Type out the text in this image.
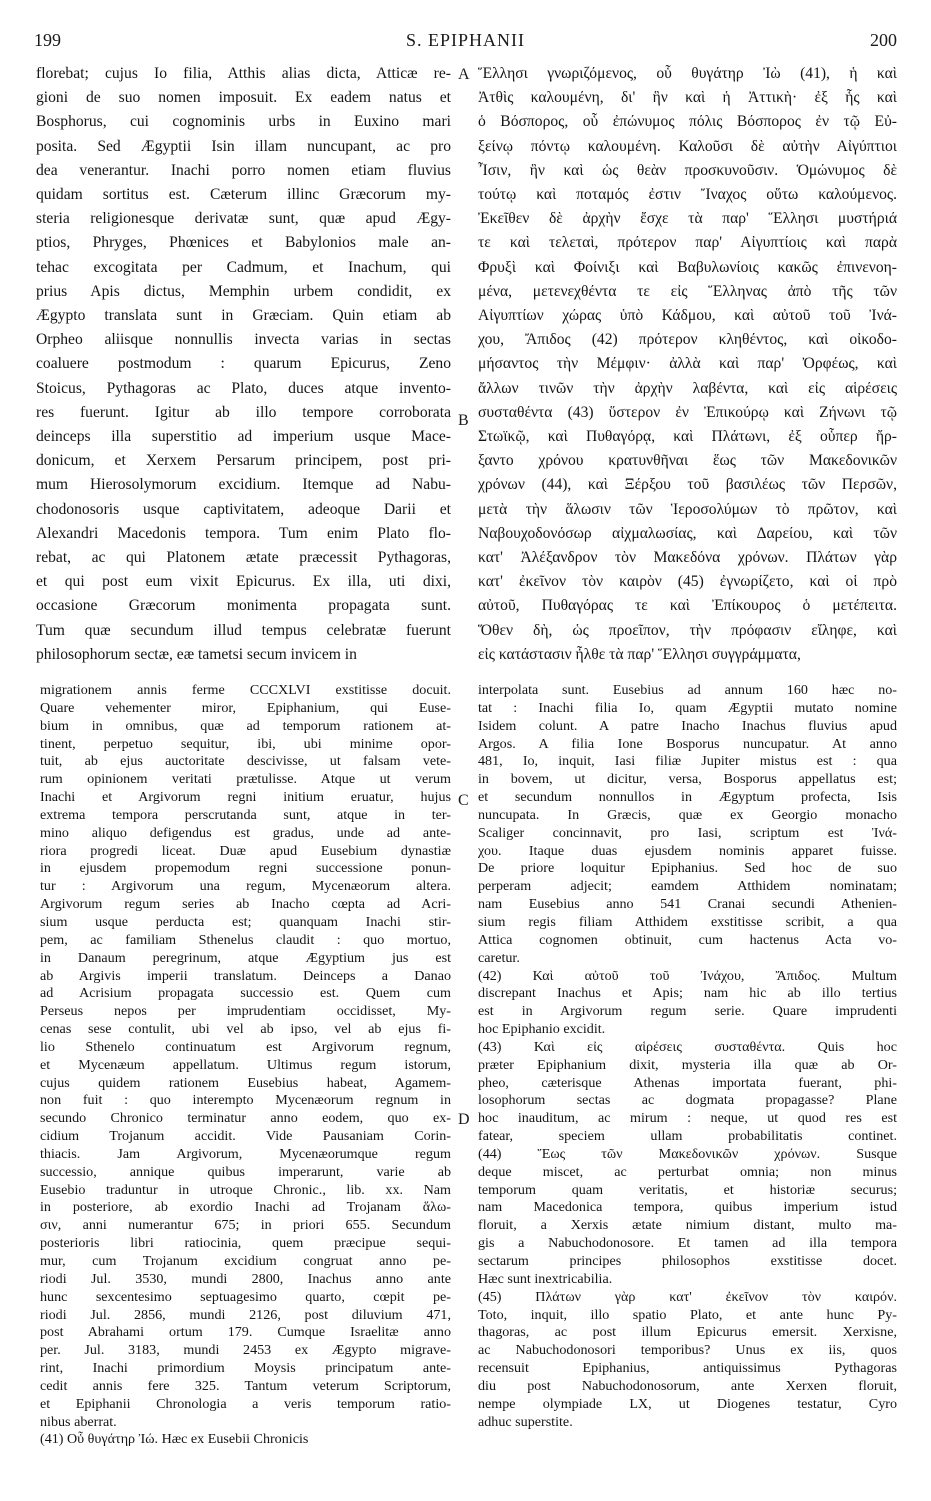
199	S. EPIPHANII	200
A
B
C
D
florebat; cujus Io filia, Atthis alias dicta, Atticæ re-
gioni de suo nomen imposuit. Ex eadem natus et
Bosphorus, cui cognominis urbs in Euxino mari
posita. Sed Ægyptii Isin illam nuncupant, ac pro
dea venerantur. Inachi porro nomen etiam fluvius
quidam sortitus est. Cæterum illinc Græcorum my-
steria religionesque derivatæ sunt, quæ apud Ægy-
ptios, Phryges, Phœnices et Babylonios male an-
tehac excogitata per Cadmum, et Inachum, qui
prius Apis dictus, Memphin urbem condidit, ex
Ægypto translata sunt in Græciam. Quin etiam ab
Orpheo aliisque nonnullis invecta varias in sectas
coaluere postmodum : quarum Epicurus, Zeno
Stoicus, Pythagoras ac Plato, duces atque invento-
res fuerunt. Igitur ab illo tempore corroborata
deinceps illa superstitio ad imperium usque Mace-
donicum, et Xerxem Persarum principem, post pri-
mum Hierosolymorum excidium. Itemque ad Nabu-
chodonosoris usque captivitatem, adeoque Darii et
Alexandri Macedonis tempora. Tum enim Plato flo-
rebat, ac qui Platonem ætate præcessit Pythagoras,
et qui post eum vixit Epicurus. Ex illa, uti dixi,
occasione Græcorum monimenta propagata sunt.
Tum quæ secundum illud tempus celebratæ fuerunt
philosophorum sectæ, eæ tametsi secum invicem in
Ἕλλησι γνωριζόμενος, οὗ θυγάτηρ Ἰὼ (41), ἡ καὶ
Ἀτθὶς καλουμένη, δι' ἣν καὶ ἡ Ἀττικὴ· ἐξ ἧς καὶ
ὁ Βόσπορος, οὗ ἐπώνυμος πόλις Βόσπορος ἐν τῷ Εὐ-
ξείνῳ πόντῳ καλουμένη. Καλοῦσι δὲ αὐτὴν Αἰγύπτιοι
Ἶσιν, ἣν καὶ ὡς θεὰν προσκυνοῦσιν. Ὁμώνυμος δὲ
τούτῳ καὶ ποταμός ἐστιν Ἴναχος οὕτω καλούμενος.
Ἐκεῖθεν δὲ ἀρχὴν ἔσχε τὰ παρ' Ἕλλησι μυστήριά
τε καὶ τελεταὶ, πρότερον παρ' Αἰγυπτίοις καὶ παρὰ
Φρυξὶ καὶ Φοίνιξι καὶ Βαβυλωνίοις κακῶς ἐπινενοη-
μένα, μετενεχθέντα τε εἰς Ἕλληνας ἀπὸ τῆς τῶν
Αἰγυπτίων χώρας ὑπὸ Κάδμου, καὶ αὐτοῦ τοῦ Ἰνά-
χου, Ἄπιδος (42) πρότερον κληθέντος, καὶ οἰκοδο-
μήσαντος τὴν Μέμφιν· ἀλλὰ καὶ παρ' Ὀρφέως, καὶ
ἄλλων τινῶν τὴν ἀρχὴν λαβέντα, καὶ εἰς αἱρέσεις
συσταθέντα (43) ὕστερον ἐν Ἐπικούρῳ καὶ Ζήνωνι τῷ
Στωϊκῷ, καὶ Πυθαγόρᾳ, καὶ Πλάτωνι, ἐξ οὗπερ ἤρ-
ξαντο χρόνου κρατυνθῆναι ἕως τῶν Μακεδονικῶν
χρόνων (44), καὶ Ξέρξου τοῦ βασιλέως τῶν Περσῶν,
μετὰ τὴν ἅλωσιν τῶν Ἱεροσολύμων τὸ πρῶτον, καὶ
Ναβουχοδονόσωρ αἰχμαλωσίας, καὶ Δαρείου, καὶ τῶν
κατ' Ἀλέξανδρον τὸν Μακεδόνα χρόνων. Πλάτων γὰρ
κατ' ἐκεῖνον τὸν καιρὸν (45) ἐγνωρίζετο, καὶ οἱ πρὸ
αὐτοῦ, Πυθαγόρας τε καὶ Ἐπίκουρος ὁ μετέπειτα.
Ὅθεν δὴ, ὡς προεῖπον, τὴν πρόφασιν εἴληφε, καὶ
εἰς κατάστασιν ἦλθε τὰ παρ' Ἕλλησι συγγράμματα,
migrationem annis ferme CCCXLVI exstitisse docuit.
Quare vehementer miror, Epiphanium, qui Euse-
bium in omnibus, quæ ad temporum rationem at-
tinent, perpetuo sequitur, ibi, ubi minime opor-
tuit, ab ejus auctoritate descivisse, ut falsam vete-
rum opinionem veritati prætulisse. Atque ut verum
Inachi et Argivorum regni initium eruatur, hujus
extrema tempora perscrutanda sunt, atque in ter-
mino aliquo defigendus est gradus, unde ad ante-
riora progredi liceat. Duæ apud Eusebium dynastiæ
in ejusdem propemodum regni successione ponun-
tur : Argivorum una regum, Mycenæorum altera.
Argivorum regum series ab Inacho cœpta ad Acri-
sium usque perducta est; quanquam Inachi stir-
pem, ac familiam Sthenelus claudit : quo mortuo,
in Danaum peregrinum, atque Ægyptium jus est
ab Argivis imperii translatum. Deinceps a Danao
ad Acrisium propagata successio est. Quem cum
Perseus nepos per imprudentiam occidisset, My-
cenas sese contulit, ubi vel ab ipso, vel ab ejus fi-
lio Sthenelo continuatum est Argivorum regnum,
et Mycenæum appellatum. Ultimus regum istorum,
cujus quidem rationem Eusebius habeat, Agamem-
non fuit : quo interempto Mycenæorum regnum in
secundo Chronico terminatur anno eodem, quo ex-
cidium Trojanum accidit. Vide Pausaniam Corin-
thiacis. Jam Argivorum, Mycenæorumque regum
successio, annique quibus imperarunt, varie ab
Eusebio traduntur in utroque Chronic., lib. xx. Nam
in posteriore, ab exordio Inachi ad Trojanam ἅλω-
σιν, anni numerantur 675; in priori 655. Secundum
posterioris libri ratiocinia, quem præcipue sequi-
mur, cum Trojanum excidium congruat anno pe-
riodi Jul. 3530, mundi 2800, Inachus anno ante
hunc sexcentesimo septuagesimo quarto, cœpit pe-
riodi Jul. 2856, mundi 2126, post diluvium 471,
post Abrahami ortum 179. Cumque Israelitæ anno
per. Jul. 3183, mundi 2453 ex Ægypto migrave-
rint, Inachi primordium Moysis principatum ante-
cedit annis fere 325. Tantum veterum Scriptorum,
et Epiphanii Chronologia a veris temporum ratio-
nibus aberrat.
(41) Οὗ θυγάτηρ Ἰώ. Hæc ex Eusebii Chronicis
interpolata sunt. Eusebius ad annum 160 hæc no-
tat : Inachi filia Io, quam Ægyptii mutato nomine
Isidem colunt. A patre Inacho Inachus fluvius apud
Argos. A filia Ione Bosporus nuncupatur. At anno
481, Io, inquit, Iasi filiæ Jupiter mistus est : qua
in bovem, ut dicitur, versa, Bosporus appellatus est;
et secundum nonnullos in Ægyptum profecta, Isis
nuncupata. In Græcis, quæ ex Georgio monacho
Scaliger concinnavit, pro Iasi, scriptum est Ἰνά-
χου. Itaque duas ejusdem nominis apparet fuisse.
De priore loquitur Epiphanius. Sed hoc de suo
perperam adjecit; eamdem Atthidem nominatam;
nam Eusebius anno 541 Cranai secundi Athenien-
sium regis filiam Atthidem exstitisse scribit, a qua
Attica cognomen obtinuit, cum hactenus Acta vo-
caretur.
(42) Καὶ αὐτοῦ τοῦ Ἰνάχου, Ἄπιδος. Multum
discrepant Inachus et Apis; nam hic ab illo tertius
est in Argivorum regum serie. Quare imprudenti
hoc Epiphanio excidit.
(43) Καὶ εἰς αἱρέσεις συσταθέντα. Quis hoc
præter Epiphanium dixit, mysteria illa quæ ab Or-
pheo, cæterisque Athenas importata fuerant, phi-
losophorum sectas ac dogmata propagasse? Plane
hoc inauditum, ac mirum : neque, ut quod res est
fatear, speciem ullam probabilitatis continet.
(44) Ἕως τῶν Μακεδονικῶν χρόνων. Susque
deque miscet, ac perturbat omnia; non minus
temporum quam veritatis, et historiæ securus;
nam Macedonica tempora, quibus imperium istud
floruit, a Xerxis ætate nimium distant, multo ma-
gis a Nabuchodonosore. Et tamen ad illa tempora
sectarum principes philosophos exstitisse docet.
Hæc sunt inextricabilia.
(45) Πλάτων γὰρ κατ' ἐκεῖνον τὸν καιρόν.
Toto, inquit, illo spatio Plato, et ante hunc Py-
thagoras, ac post illum Epicurus emersit. Xerxisne,
ac Nabuchodonosori temporibus? Unus ex iis, quos
recensuit Epiphanius, antiquissimus Pythagoras
diu post Nabuchodonosorum, ante Xerxen floruit,
nempe olympiade LX, ut Diogenes testatur, Cyro
adhuc superstite.
